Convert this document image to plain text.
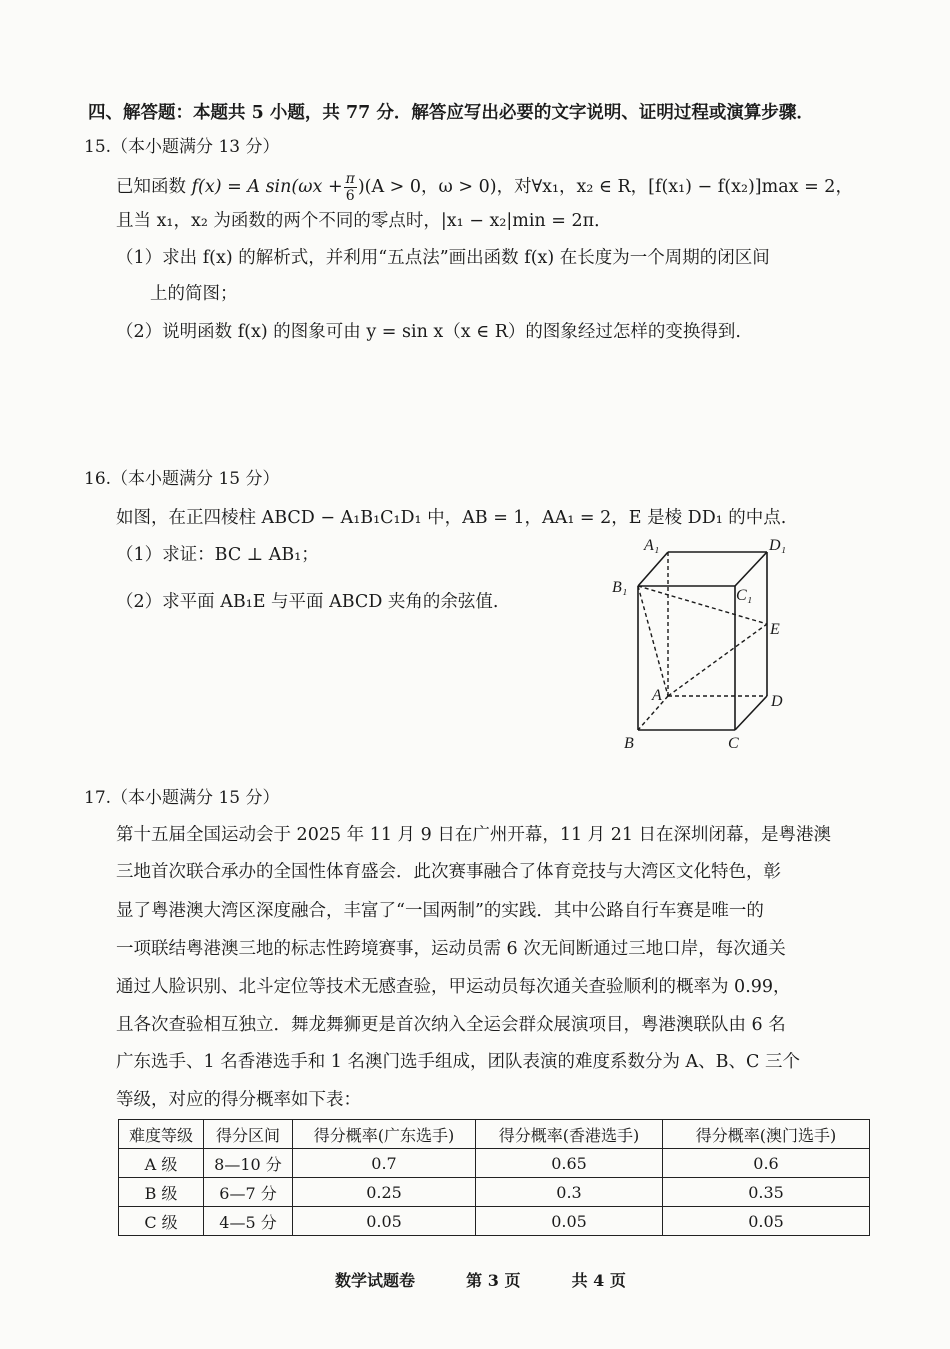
四、解答题：本题共 5 小题，共 77 分．解答应写出必要的文字说明、证明过程或演算步骤．
15.（本小题满分 13 分）
已知函数 f(x) = A $\sin(\omega x + \frac{\pi}{6} )(A > 0$，ω > 0)，对∀x₁，x₂ ∈ R，[f(x₁) − f(x₂)]max = 2，
且当 x₁，x₂ 为函数的两个不同的零点时，|x₁ − x₂|min = 2π．
（1）求出 f(x) 的解析式，并利用“五点法”画出函数 f(x) 在长度为一个周期的闭区间
上的简图；
（2）说明函数 f(x) 的图象可由 y = sin x（x ∈ R）的图象经过怎样的变换得到.
16.（本小题满分 15 分）
如图，在正四棱柱 ABCD − A₁B₁C₁D₁ 中，AB = 1，AA₁ = 2，E 是棱 DD₁ 的中点.
（1）求证：BC ⊥ AB₁；
（2）求平面 AB₁E 与平面 ABCD 夹角的余弦值.
A₁	D₁
B₁	C₁
E
A	D
B	C
17.（本小题满分 15 分）
第十五届全国运动会于 2025 年 11 月 9 日在广州开幕，11 月 21 日在深圳闭幕，是粤港澳
三地首次联合承办的全国性体育盛会．此次赛事融合了体育竞技与大湾区文化特色，彰
显了粤港澳大湾区深度融合，丰富了“一国两制”的实践．其中公路自行车赛是唯一的
一项联结粤港澳三地的标志性跨境赛事，运动员需 6 次无间断通过三地口岸，每次通关
通过人脸识别、北斗定位等技术无感查验，甲运动员每次通关查验顺利的概率为 0.99，
且各次查验相互独立．舞龙舞狮更是首次纳入全运会群众展演项目，粤港澳联队由 6 名
广东选手、1 名香港选手和 1 名澳门选手组成，团队表演的难度系数分为 A、B、C 三个
等级，对应的得分概率如下表：
难度等级	得分区间	得分概率(广东选手)	得分概率(香港选手)	得分概率(澳门选手)
A 级	8—10 分	0.7	0.65	0.6
B 级	6—7 分	0.25	0.3	0.35
C 级	4—5 分	0.05	0.05	0.05
数学试题卷	第 3 页	共 4 页
